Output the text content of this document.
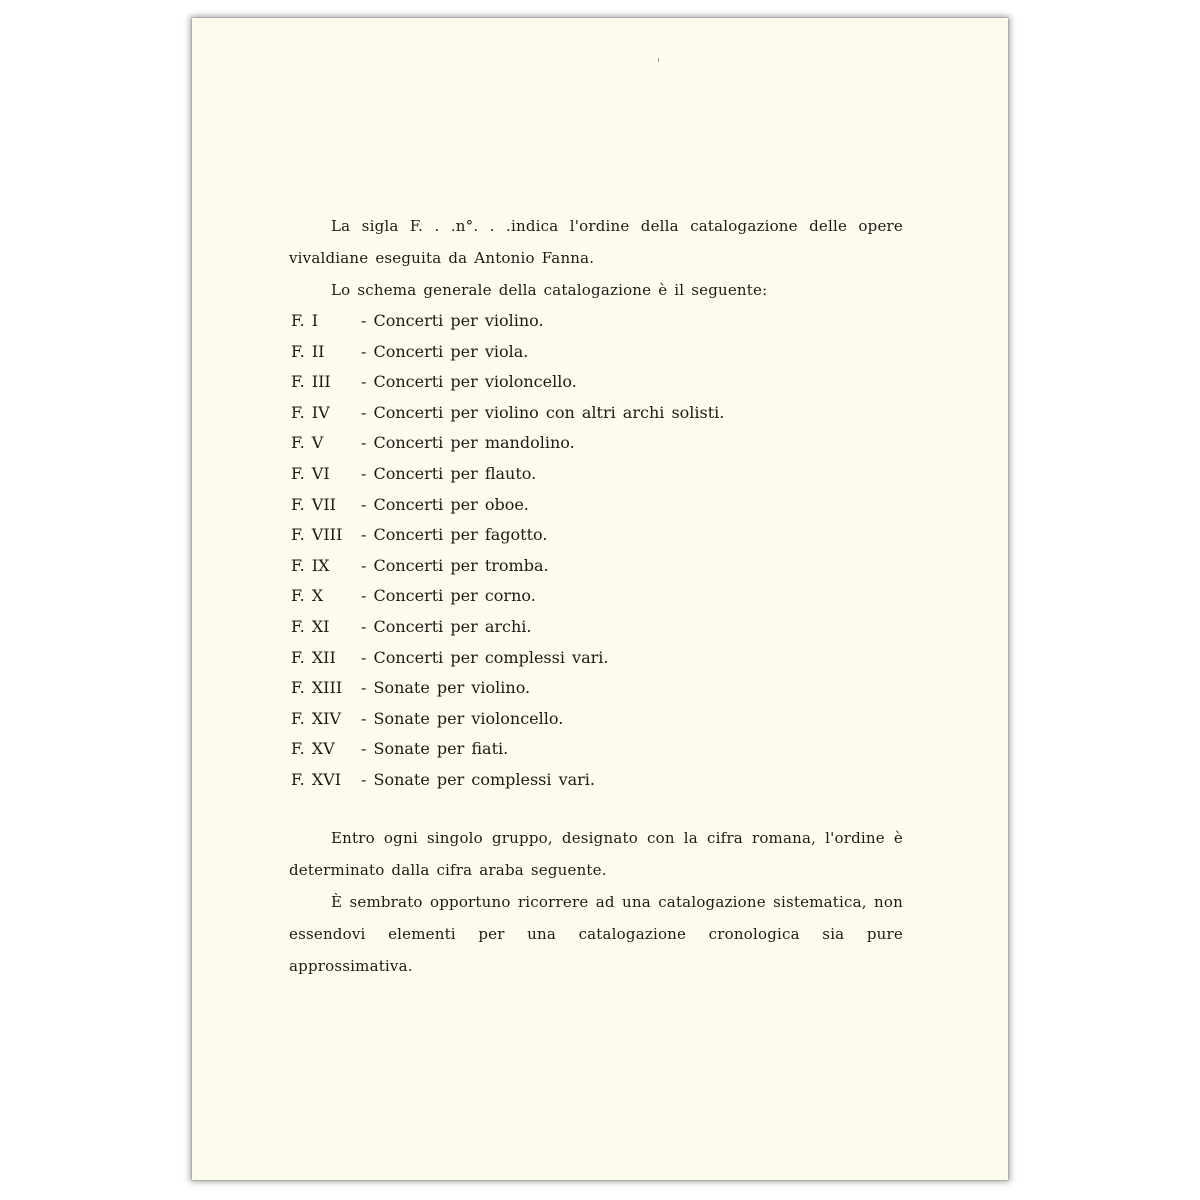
La sigla F. . .n°. . .indica l'ordine della catalogazione delle opere vivaldiane eseguita da Antonio Fanna.

Lo schema generale della catalogazione è il seguente:

F. I	- Concerti per violino.
F. II - Concerti per viola.
F. III - Concerti per violoncello.
F. IV - Concerti per violino con altri archi solisti.
F. V - Concerti per mandolino.
F. VI - Concerti per flauto.
F. VII - Concerti per oboe.
F. VIII - Concerti per fagotto.
F. IX - Concerti per tromba.
F. X - Concerti per corno.
F. XI - Concerti per archi.
F. XII - Concerti per complessi vari.
F. XIII - Sonate per violino.
F. XIV - Sonate per violoncello.
F. XV - Sonate per fiati.
F. XVI - Sonate per complessi vari.

Entro ogni singolo gruppo, designato con la cifra romana, l'ordine è determinato dalla cifra araba seguente.

È sembrato opportuno ricorrere ad una catalogazione sistematica, non essendovi elementi per una catalogazione cronologica sia pure approssimativa.
